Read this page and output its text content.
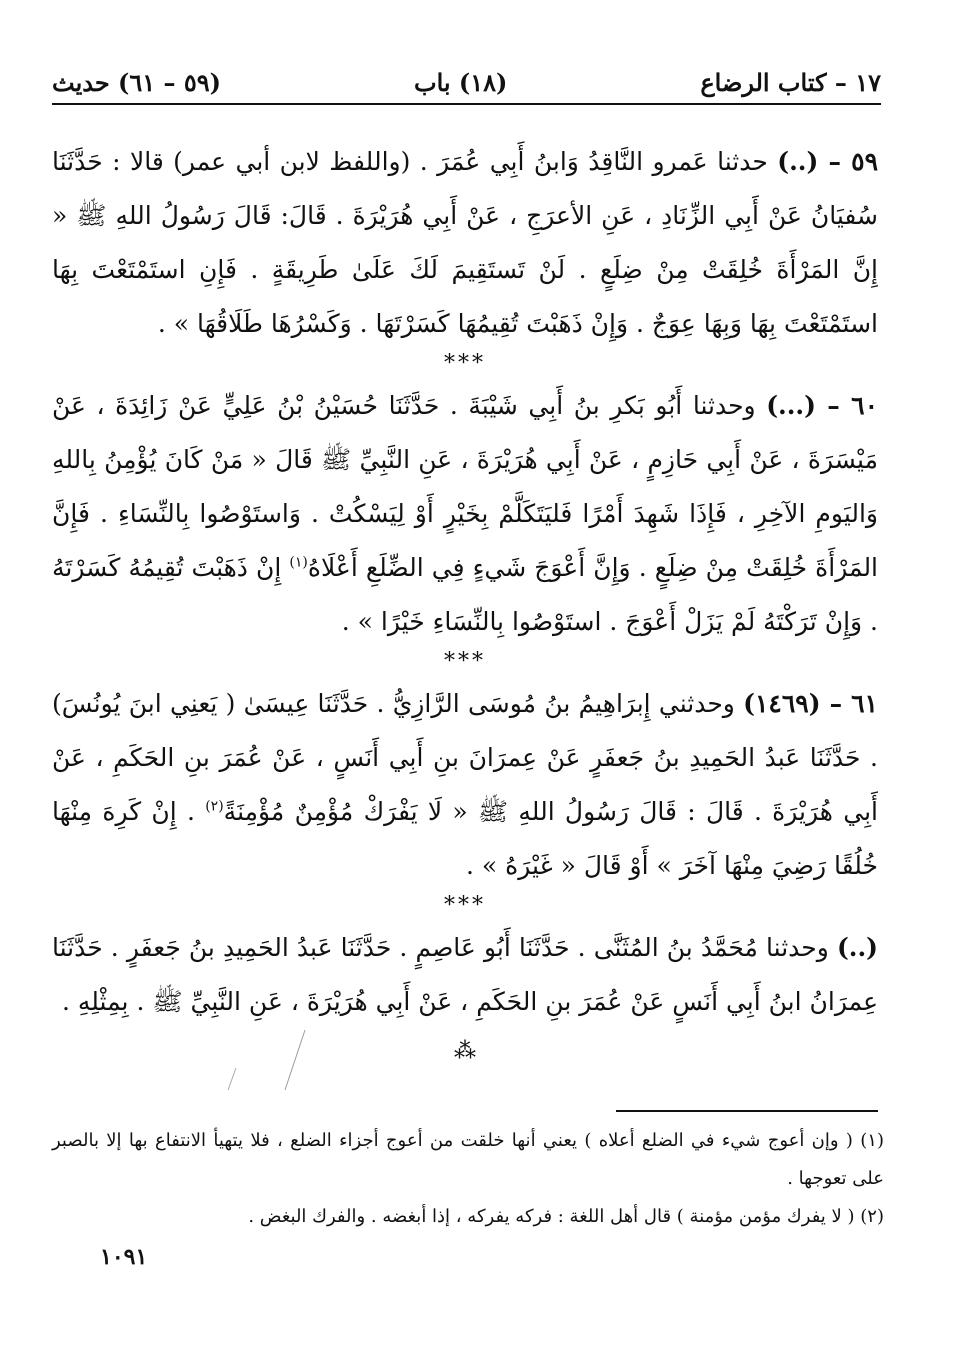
١٧ – كتاب الرضاع
(١٨) باب
(٥٩ – ٦١) حديث

٥٩ – (..) حدثنا عَمرو النَّاقِدُ وَابنُ أَبِي عُمَرَ . (واللفظ لابن أبي عمر) قالا : حَدَّثَنَا سُفيَانُ عَنْ أَبِي الزِّنَادِ ، عَنِ الأعرَجِ ، عَنْ أَبِي هُرَيْرَةَ . قَالَ: قَالَ رَسُولُ اللهِ ﷺ « إِنَّ المَرْأَةَ خُلِقَتْ مِنْ ضِلَعٍ . لَنْ تَستَقِيمَ لَكَ عَلَىٰ طَرِيقَةٍ . فَإِنِ استَمْتَعْتَ بِهَا استَمْتَعْتَ بِهَا وَبِهَا عِوَجٌ . وَإِنْ ذَهَبْتَ تُقِيمُهَا كَسَرْتَهَا . وَكَسْرُهَا طَلَاقُهَا » .

***

٦٠ – (...) وحدثنا أَبُو بَكرِ بنُ أَبِي شَيْبَةَ . حَدَّثَنَا حُسَيْنُ بْنُ عَلِيٍّ عَنْ زَائِدَةَ ، عَنْ مَيْسَرَةَ ، عَنْ أَبِي حَازِمٍ ، عَنْ أَبِي هُرَيْرَةَ ، عَنِ النَّبِيِّ ﷺ قَالَ « مَنْ كَانَ يُؤْمِنُ بِاللهِ وَاليَومِ الآخِرِ ، فَإِذَا شَهِدَ أَمْرًا فَليَتَكَلَّمْ بِخَيْرٍ أَوْ لِيَسْكُتْ . وَاستَوْصُوا بِالنِّسَاءِ . فَإِنَّ المَرْأَةَ خُلِقَتْ مِنْ ضِلَعٍ . وَإِنَّ أَعْوَجَ شَيءٍ فِي الضِّلَعِ أَعْلَاهُ$^{(١)}$ إِنْ ذَهَبْتَ تُقِيمُهُ كَسَرْتَهُ . وَإِنْ تَرَكْتَهُ لَمْ يَزَلْ أَعْوَجَ . استَوْصُوا بِالنِّسَاءِ خَيْرًا » .

***

٦١ – (١٤٦٩) وحدثني إِبرَاهِيمُ بنُ مُوسَى الرَّازِيُّ . حَدَّثَنَا عِيسَىٰ ( يَعنِي ابنَ يُونُسَ) . حَدَّثَنَا عَبدُ الحَمِيدِ بنُ جَعفَرٍ عَنْ عِمرَانَ بنِ أَبِي أَنَسٍ ، عَنْ عُمَرَ بنِ الحَكَمِ ، عَنْ أَبِي هُرَيْرَةَ . قَالَ : قَالَ رَسُولُ اللهِ ﷺ « لَا يَفْرَكْ مُؤْمِنٌ مُؤْمِنَةً$^{(٢)}$ . إِنْ كَرِهَ مِنْهَا خُلُقًا رَضِيَ مِنْهَا آخَرَ » أَوْ قَالَ « غَيْرَهُ » .

***

(..) وحدثنا مُحَمَّدُ بنُ المُثَنَّى . حَدَّثَنَا أَبُو عَاصِمٍ . حَدَّثَنَا عَبدُ الحَمِيدِ بنُ جَعفَرٍ . حَدَّثَنَا عِمرَانُ ابنُ أَبِي أَنَسٍ عَنْ عُمَرَ بنِ الحَكَمِ ، عَنْ أَبِي هُرَيْرَةَ ، عَنِ النَّبِيِّ ﷺ . بِمِثْلِهِ .

⁂

(١) ( وإن أعوج شيء في الضلع أعلاه ) يعني أنها خلقت من أعوج أجزاء الضلع ، فلا يتهيأ الانتفاع بها إلا بالصبر على تعوجها .

(٢) ( لا يفرك مؤمن مؤمنة ) قال أهل اللغة : فركه يفركه ، إذا أبغضه . والفرك البغض .

١٠٩١
